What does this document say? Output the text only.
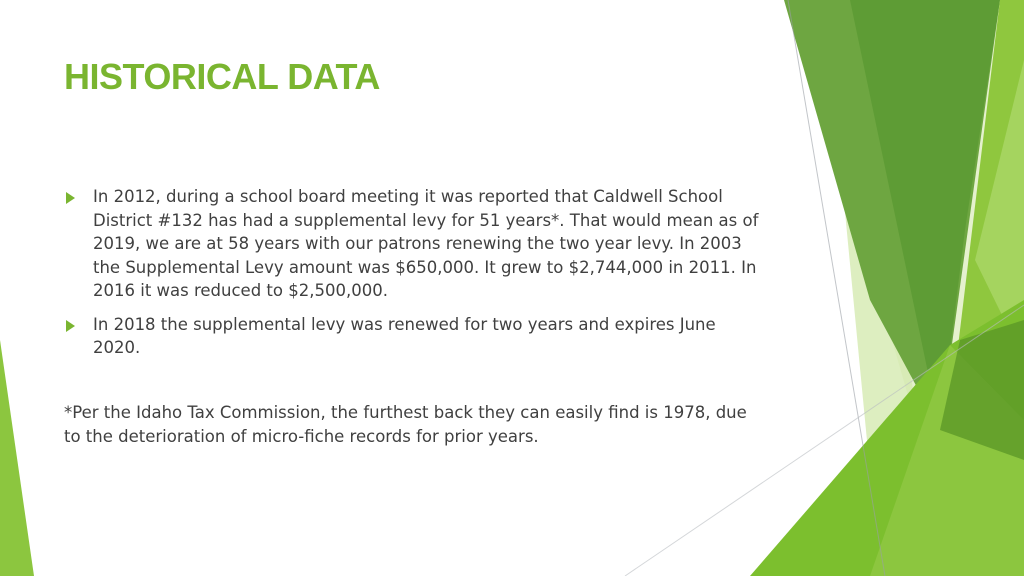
HISTORICAL DATA
In 2012, during a school board meeting it was reported that Caldwell School District #132 has had a supplemental levy for 51 years*. That would mean as of 2019, we are at 58 years with our patrons renewing the two year levy. In 2003 the Supplemental Levy amount was $650,000. It grew to $2,744,000 in 2011. In 2016 it was reduced to $2,500,000.
In 2018 the supplemental levy was renewed for two years and expires June 2020.

*Per the Idaho Tax Commission, the furthest back they can easily find is 1978, due to the deterioration of micro-fiche records for prior years.
